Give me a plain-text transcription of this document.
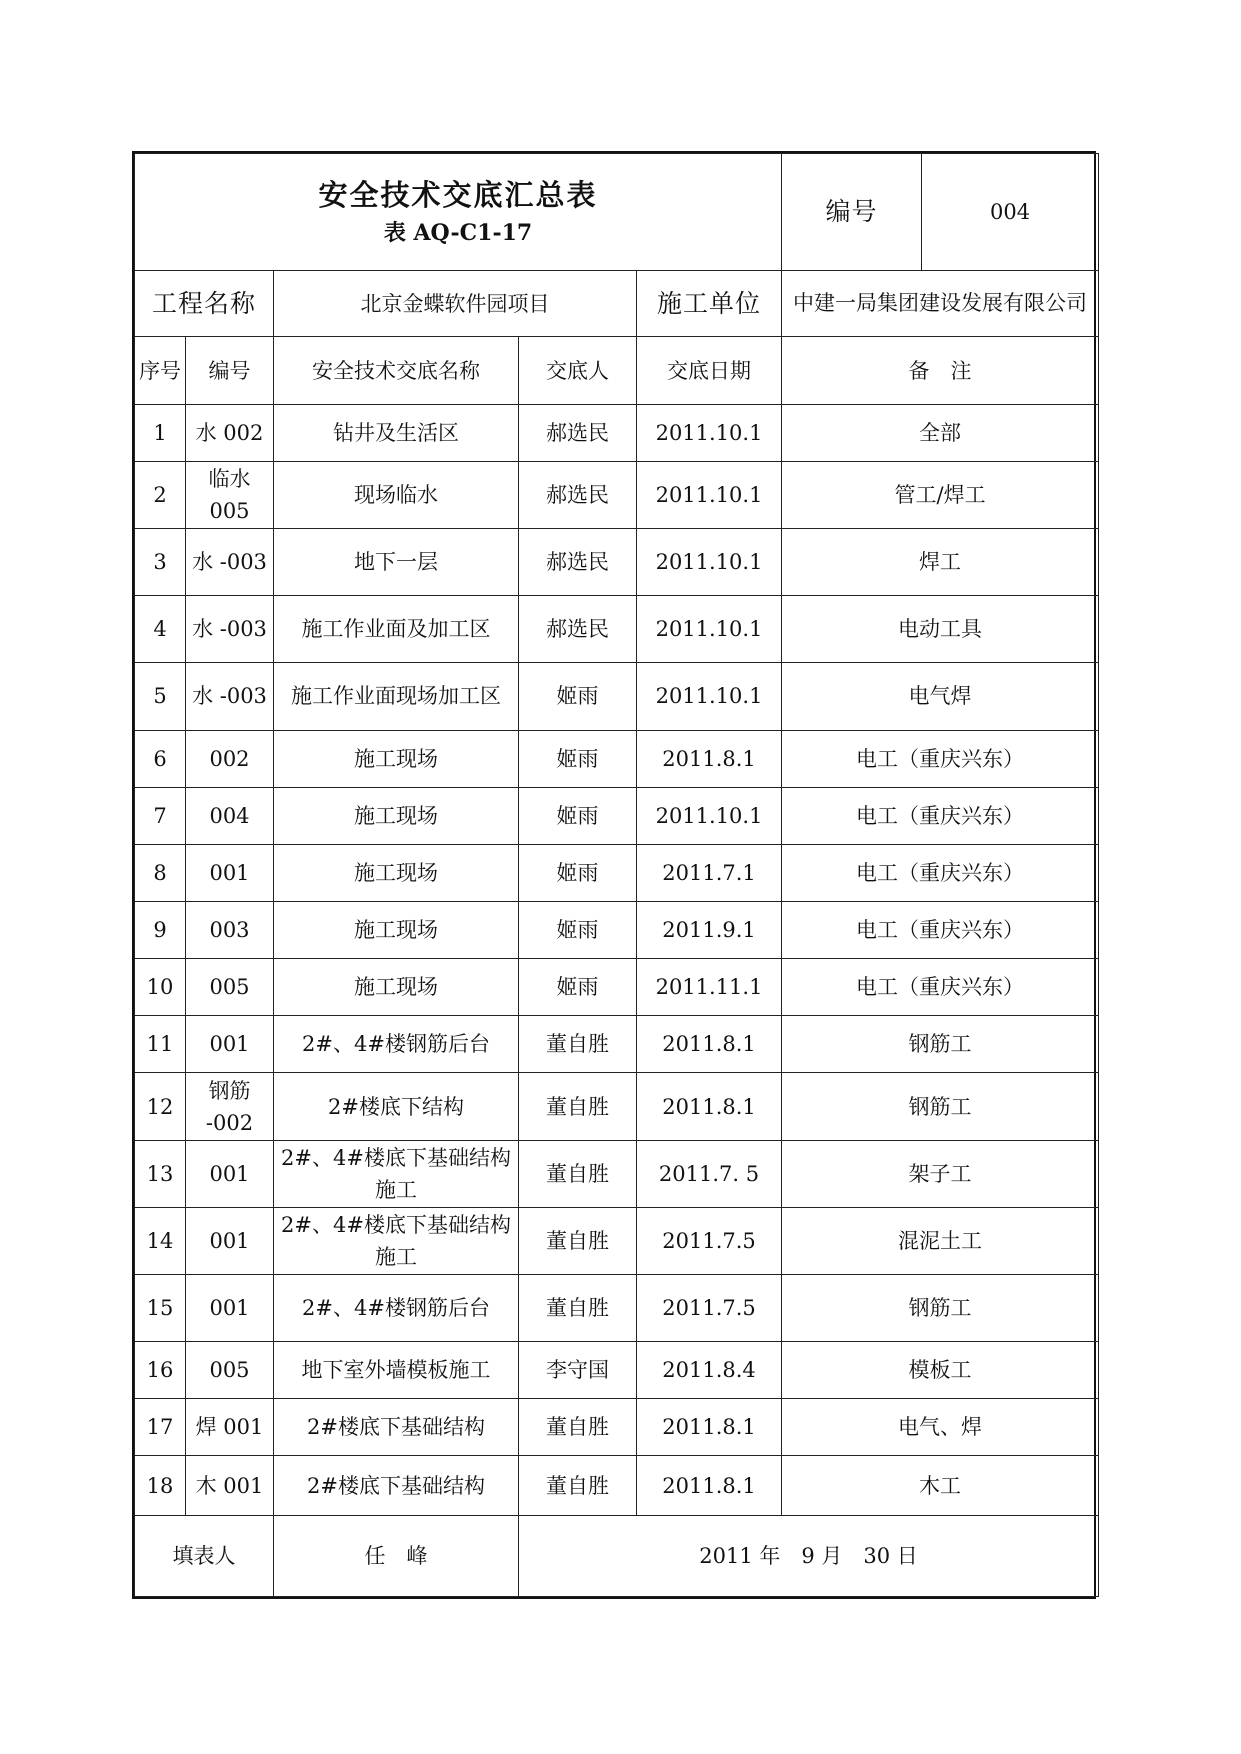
安全技术交底汇总表
表 AQ-C1-17					编号	004
工程名称		北京金蝶软件园项目		施工单位	中建一局集团建设发展有限公司	
序号	编号	安全技术交底名称	交底人	交底日期	备　注	
1	水 002	钻井及生活区	郝选民	2011.10.1	全部	
2	临水 005	现场临水	郝选民	2011.10.1	管工/焊工	
3	水 -003	地下一层	郝选民	2011.10.1	焊工	
4	水 -003	施工作业面及加工区	郝选民	2011.10.1	电动工具	
5	水 -003	施工作业面现场加工区	姬雨	2011.10.1	电气焊	
6	002	施工现场	姬雨	2011.8.1	电工（重庆兴东）	
7	004	施工现场	姬雨	2011.10.1	电工（重庆兴东）	
8	001	施工现场	姬雨	2011.7.1	电工（重庆兴东）	
9	003	施工现场	姬雨	2011.9.1	电工（重庆兴东）	
10	005	施工现场	姬雨	2011.11.1	电工（重庆兴东）	
11	001	2#、4#楼钢筋后台	董自胜	2011.8.1	钢筋工	
12	钢筋 -002	2#楼底下结构	董自胜	2011.8.1	钢筋工	
13	001	2#、4#楼底下基础结构施工	董自胜	2011.7. 5	架子工	
14	001	2#、4#楼底下基础结构施工	董自胜	2011.7.5	混泥土工	
15	001	2#、4#楼钢筋后台	董自胜	2011.7.5	钢筋工	
16	005	地下室外墙模板施工	李守国	2011.8.4	模板工	
17	焊 001	2#楼底下基础结构	董自胜	2011.8.1	电气、焊	
18	木 001	2#楼底下基础结构	董自胜	2011.8.1	木工	
填表人		任　峰	2011 年　9 月　30 日			
